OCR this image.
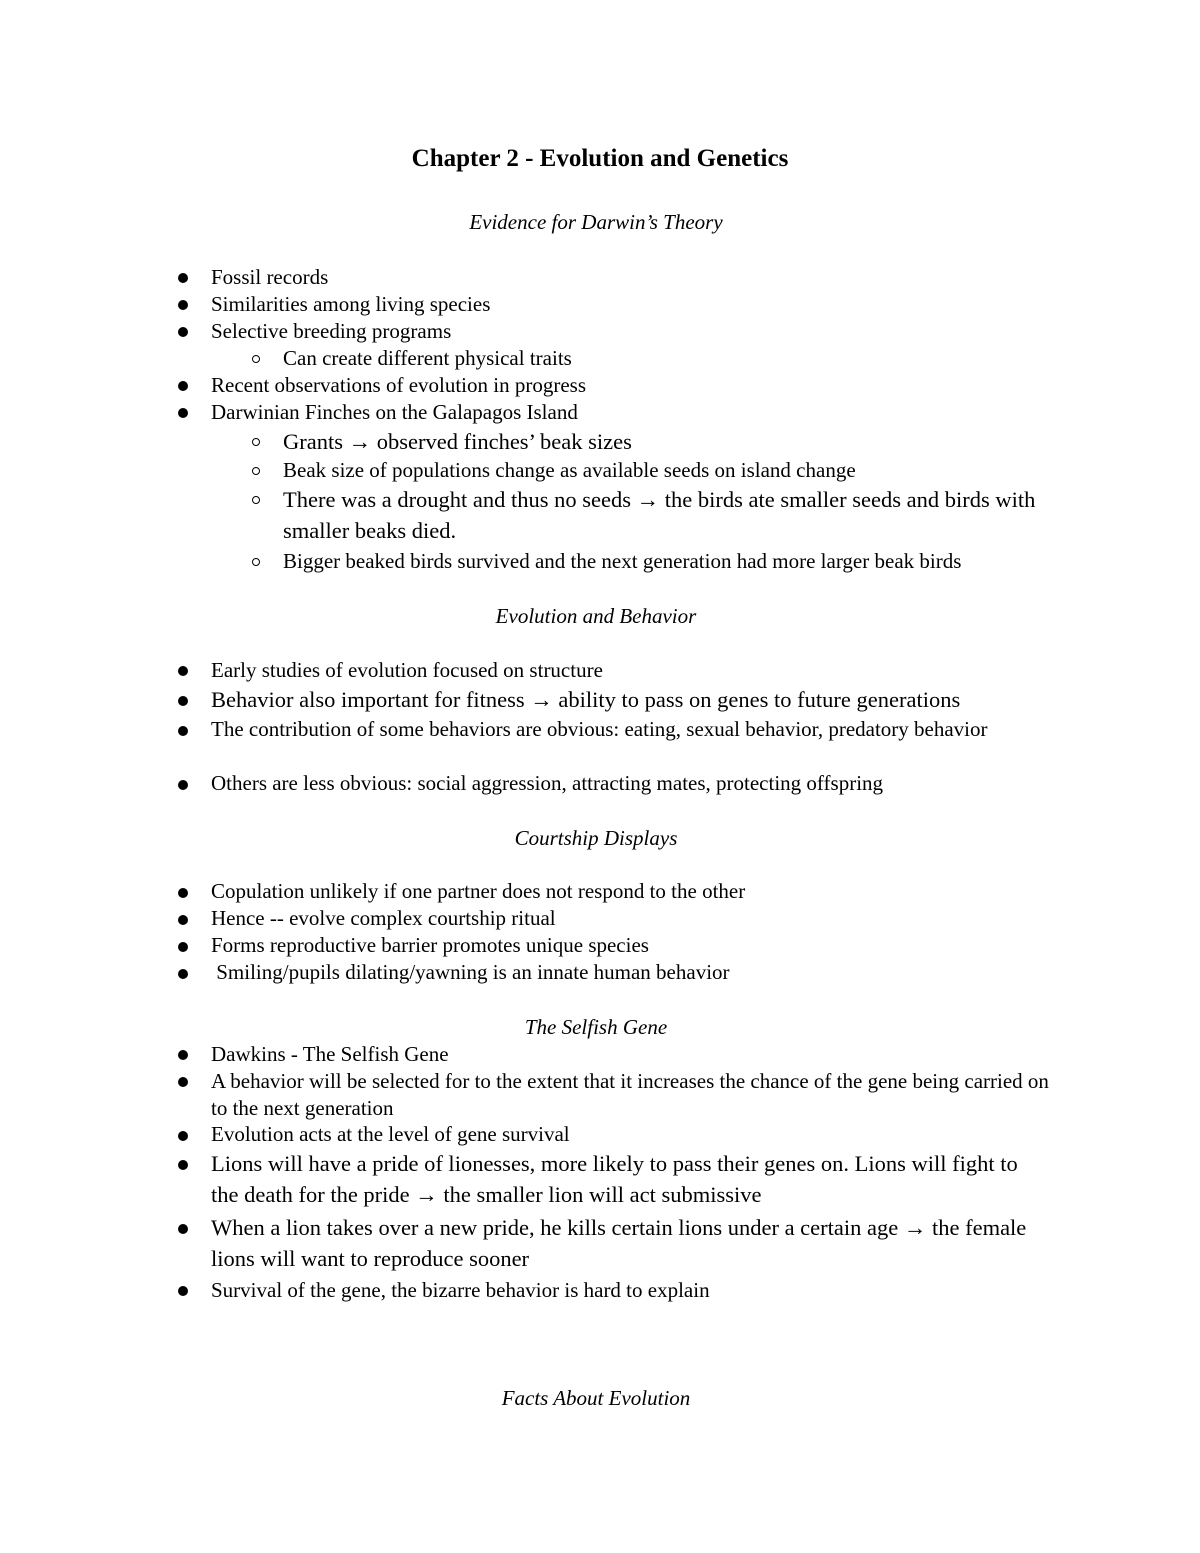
Chapter 2 - Evolution and Genetics
Evidence for Darwin’s Theory
Fossil records
Similarities among living species
Selective breeding programs
Can create different physical traits
Recent observations of evolution in progress
Darwinian Finches on the Galapagos Island
Grants → observed finches’ beak sizes
Beak size of populations change as available seeds on island change
There was a drought and thus no seeds → the birds ate smaller seeds and birds with smaller beaks died.
Bigger beaked birds survived and the next generation had more larger beak birds
Evolution and Behavior
Early studies of evolution focused on structure
Behavior also important for fitness → ability to pass on genes to future generations
The contribution of some behaviors are obvious: eating, sexual behavior, predatory behavior
Others are less obvious: social aggression, attracting mates, protecting offspring
Courtship Displays
Copulation unlikely if one partner does not respond to the other
Hence -- evolve complex courtship ritual
Forms reproductive barrier promotes unique species
Smiling/pupils dilating/yawning is an innate human behavior
The Selfish Gene
Dawkins - The Selfish Gene
A behavior will be selected for to the extent that it increases the chance of the gene being carried on to the next generation
Evolution acts at the level of gene survival
Lions will have a pride of lionesses, more likely to pass their genes on. Lions will fight to the death for the pride → the smaller lion will act submissive
When a lion takes over a new pride, he kills certain lions under a certain age → the female lions will want to reproduce sooner
Survival of the gene, the bizarre behavior is hard to explain
Facts About Evolution
